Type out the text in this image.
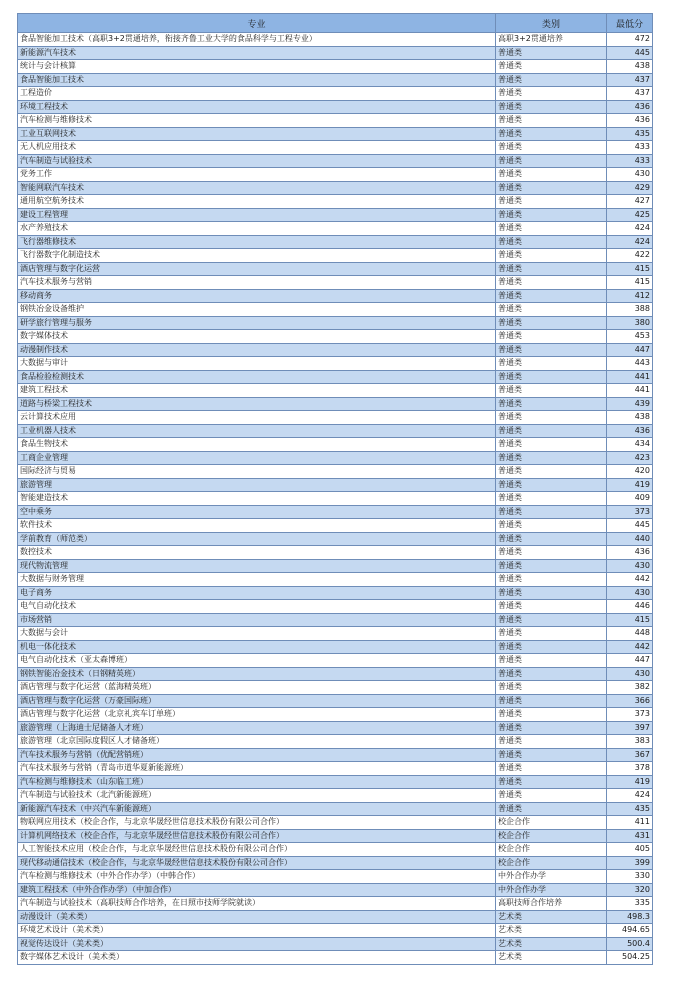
专业	类别	最低分
食品智能加工技术（高职3+2贯通培养，衔接齐鲁工业大学的食品科学与工程专业）	高职3+2贯通培养	472
新能源汽车技术	普通类	445
统计与会计核算	普通类	438
食品智能加工技术	普通类	437
工程造价	普通类	437
环境工程技术	普通类	436
汽车检测与维修技术	普通类	436
工业互联网技术	普通类	435
无人机应用技术	普通类	433
汽车制造与试验技术	普通类	433
党务工作	普通类	430
智能网联汽车技术	普通类	429
通用航空航务技术	普通类	427
建设工程管理	普通类	425
水产养殖技术	普通类	424
飞行器维修技术	普通类	424
飞行器数字化制造技术	普通类	422
酒店管理与数字化运营	普通类	415
汽车技术服务与营销	普通类	415
移动商务	普通类	412
钢铁冶金设备维护	普通类	388
研学旅行管理与服务	普通类	380
数字媒体技术	普通类	453
动漫制作技术	普通类	447
大数据与审计	普通类	443
食品检验检测技术	普通类	441
建筑工程技术	普通类	441
道路与桥梁工程技术	普通类	439
云计算技术应用	普通类	438
工业机器人技术	普通类	436
食品生物技术	普通类	434
工商企业管理	普通类	423
国际经济与贸易	普通类	420
旅游管理	普通类	419
智能建造技术	普通类	409
空中乘务	普通类	373
软件技术	普通类	445
学前教育（师范类）	普通类	440
数控技术	普通类	436
现代物流管理	普通类	430
大数据与财务管理	普通类	442
电子商务	普通类	430
电气自动化技术	普通类	446
市场营销	普通类	415
大数据与会计	普通类	448
机电一体化技术	普通类	442
电气自动化技术（亚太森博班）	普通类	447
钢铁智能冶金技术（日钢精英班）	普通类	430
酒店管理与数字化运营（蓝海精英班）	普通类	382
酒店管理与数字化运营（万豪国际班）	普通类	366
酒店管理与数字化运营（北京礼宾车订单班）	普通类	373
旅游管理（上海迪士尼储备人才班）	普通类	397
旅游管理（北京国际度假区人才储备班）	普通类	383
汽车技术服务与营销（优配营销班）	普通类	367
汽车技术服务与营销（青岛市道华夏新能源班）	普通类	378
汽车检测与维修技术（山东临工班）	普通类	419
汽车制造与试验技术（北汽新能源班）	普通类	424
新能源汽车技术（中兴汽车新能源班）	普通类	435
物联网应用技术（校企合作，与北京华晟经世信息技术股份有限公司合作）	校企合作	411
计算机网络技术（校企合作，与北京华晟经世信息技术股份有限公司合作）	校企合作	431
人工智能技术应用（校企合作，与北京华晟经世信息技术股份有限公司合作）	校企合作	405
现代移动通信技术（校企合作，与北京华晟经世信息技术股份有限公司合作）	校企合作	399
汽车检测与维修技术（中外合作办学）（中韩合作）	中外合作办学	330
建筑工程技术（中外合作办学）（中加合作）	中外合作办学	320
汽车制造与试验技术（高职技师合作培养，在日照市技师学院就读）	高职技师合作培养	335
动漫设计（美术类）	艺术类	498.3
环境艺术设计（美术类）	艺术类	494.65
视觉传达设计（美术类）	艺术类	500.4
数字媒体艺术设计（美术类）	艺术类	504.25
